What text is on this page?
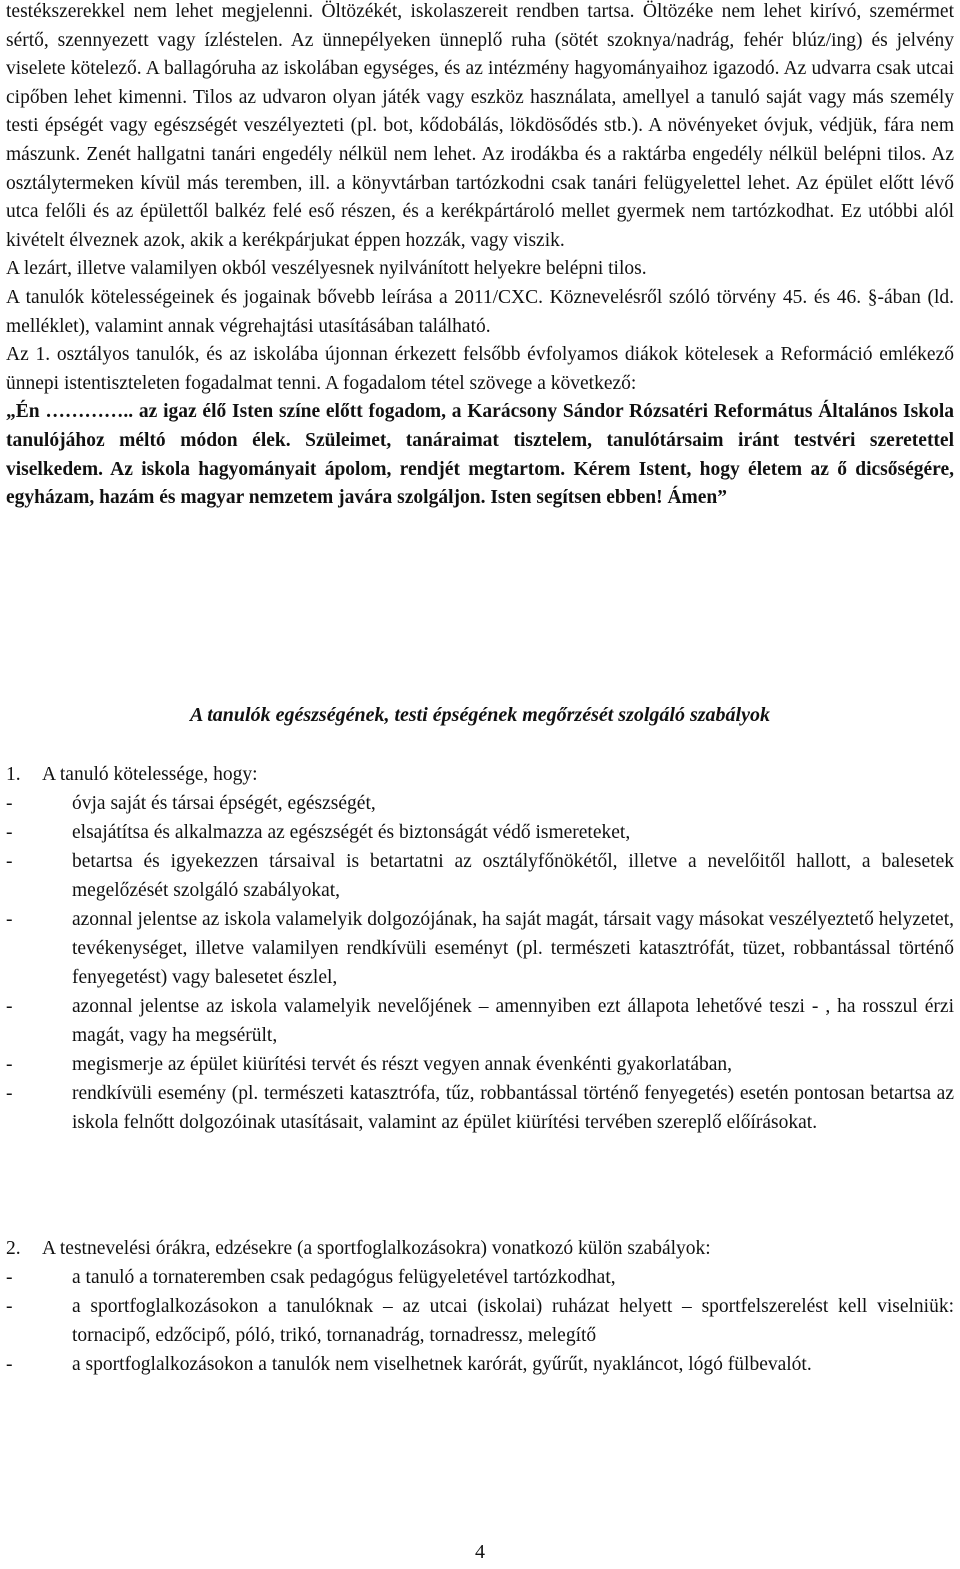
testékszerekkel nem lehet megjelenni. Öltözékét, iskolaszereit rendben tartsa. Öltözéke nem lehet kirívó, szemérmet sértő, szennyezett vagy ízléstelen. Az ünnepélyeken ünneplő ruha (sötét szoknya/nadrág, fehér blúz/ing) és jelvény viselete kötelező. A ballagóruha az iskolában egységes, és az intézmény hagyományaihoz igazodó. Az udvarra csak utcai cipőben lehet kimenni. Tilos az udvaron olyan játék vagy eszköz használata, amellyel a tanuló saját vagy más személy testi épségét vagy egészségét veszélyezteti (pl. bot, kődobálás, lökdösődés stb.). A növényeket óvjuk, védjük, fára nem mászunk. Zenét hallgatni tanári engedély nélkül nem lehet. Az irodákba és a raktárba engedély nélkül belépni tilos. Az osztálytermeken kívül más teremben, ill. a könyvtárban tartózkodni csak tanári felügyelettel lehet. Az épület előtt lévő utca felőli és az épülettől balkéz felé eső részen, és a kerékpártároló mellet gyermek nem tartózkodhat. Ez utóbbi alól kivételt élveznek azok, akik a kerékpárjukat éppen hozzák, vagy viszik.

A lezárt, illetve valamilyen okból veszélyesnek nyilvánított helyekre belépni tilos.

A tanulók kötelességeinek és jogainak bővebb leírása a 2011/CXC. Köznevelésről szóló törvény 45. és 46. §-ában (ld. melléklet), valamint annak végrehajtási utasításában található.

Az 1. osztályos tanulók, és az iskolába újonnan érkezett felsőbb évfolyamos diákok kötelesek a Reformáció emlékező ünnepi istentiszteleten fogadalmat tenni. A fogadalom tétel szövege a következő:

„Én ………….. az igaz élő Isten színe előtt fogadom, a Karácsony Sándor Rózsatéri Református Általános Iskola tanulójához méltó módon élek. Szüleimet, tanáraimat tisztelem, tanulótársaim iránt testvéri szeretettel viselkedem. Az iskola hagyományait ápolom, rendjét megtartom. Kérem Istent, hogy életem az ő dicsőségére, egyházam, hazám és magyar nemzetem javára szolgáljon. Isten segítsen ebben! Ámen”

A tanulók egészségének, testi épségének megőrzését szolgáló szabályok

1.	A tanuló kötelessége, hogy:

-	óvja saját és társai épségét, egészségét,
-	elsajátítsa és alkalmazza az egészségét és biztonságát védő ismereteket,
-	betartsa és igyekezzen társaival is betartatni az osztályfőnökétől, illetve a nevelőitől hallott, a balesetek megelőzését szolgáló szabályokat,
-	azonnal jelentse az iskola valamelyik dolgozójának, ha saját magát, társait vagy másokat veszélyeztető helyzetet, tevékenységet, illetve valamilyen rendkívüli eseményt (pl. természeti katasztrófát, tüzet, robbantással történő fenyegetést) vagy balesetet észlel,
-	azonnal jelentse az iskola valamelyik nevelőjének – amennyiben ezt állapota lehetővé teszi - , ha rosszul érzi magát, vagy ha megsérült,
-	megismerje az épület kiürítési tervét és részt vegyen annak évenkénti gyakorlatában,
-	rendkívüli esemény (pl. természeti katasztrófa, tűz, robbantással történő fenyegetés) esetén pontosan betartsa az iskola felnőtt dolgozóinak utasításait, valamint az épület kiürítési tervében szereplő előírásokat.

2.	A testnevelési órákra, edzésekre (a sportfoglalkozásokra) vonatkozó külön szabályok:

-	a tanuló a tornateremben csak pedagógus felügyeletével tartózkodhat,
-	a sportfoglalkozásokon a tanulóknak – az utcai (iskolai) ruházat helyett – sportfelszerelést kell viselniük: tornacipő, edzőcipő, póló, trikó, tornanadrág, tornadressz, melegítő
-	a sportfoglalkozásokon a tanulók nem viselhetnek karórát, gyűrűt, nyakláncot, lógó fülbevalót.
4
